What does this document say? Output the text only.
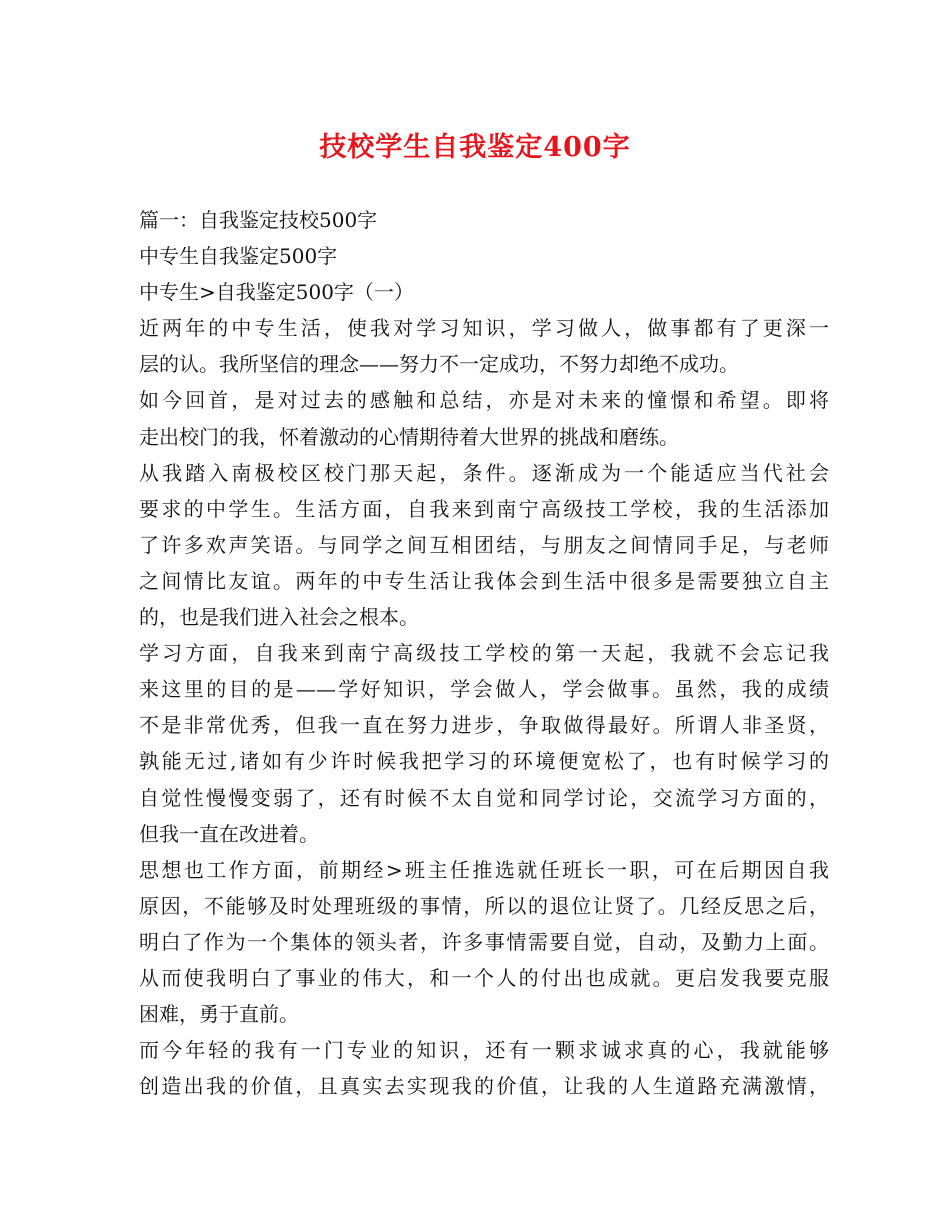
技校学生自我鉴定400字
篇一：自我鉴定技校500字
中专生自我鉴定500字
中专生>自我鉴定500字（一）
近两年的中专生活，使我对学习知识，学习做人，做事都有了更深一
层的认。我所坚信的理念——努力不一定成功，不努力却绝不成功。
如今回首，是对过去的感触和总结，亦是对未来的憧憬和希望。即将
走出校门的我，怀着激动的心情期待着大世界的挑战和磨练。
从我踏入南极校区校门那天起，条件。逐渐成为一个能适应当代社会
要求的中学生。生活方面，自我来到南宁高级技工学校，我的生活添加
了许多欢声笑语。与同学之间互相团结，与朋友之间情同手足，与老师
之间情比友谊。两年的中专生活让我体会到生活中很多是需要独立自主
的，也是我们进入社会之根本。
学习方面，自我来到南宁高级技工学校的第一天起，我就不会忘记我
来这里的目的是——学好知识，学会做人，学会做事。虽然，我的成绩
不是非常优秀，但我一直在努力进步，争取做得最好。所谓人非圣贤，
孰能无过,诸如有少许时候我把学习的环境便宽松了，也有时候学习的
自觉性慢慢变弱了，还有时候不太自觉和同学讨论，交流学习方面的，
但我一直在改进着。
思想也工作方面，前期经>班主任推选就任班长一职，可在后期因自我
原因，不能够及时处理班级的事情，所以的退位让贤了。几经反思之后，
明白了作为一个集体的领头者，许多事情需要自觉，自动，及勤力上面。
从而使我明白了事业的伟大，和一个人的付出也成就。更启发我要克服
困难，勇于直前。
而今年轻的我有一门专业的知识，还有一颗求诚求真的心，我就能够
创造出我的价值，且真实去实现我的价值，让我的人生道路充满激情，
